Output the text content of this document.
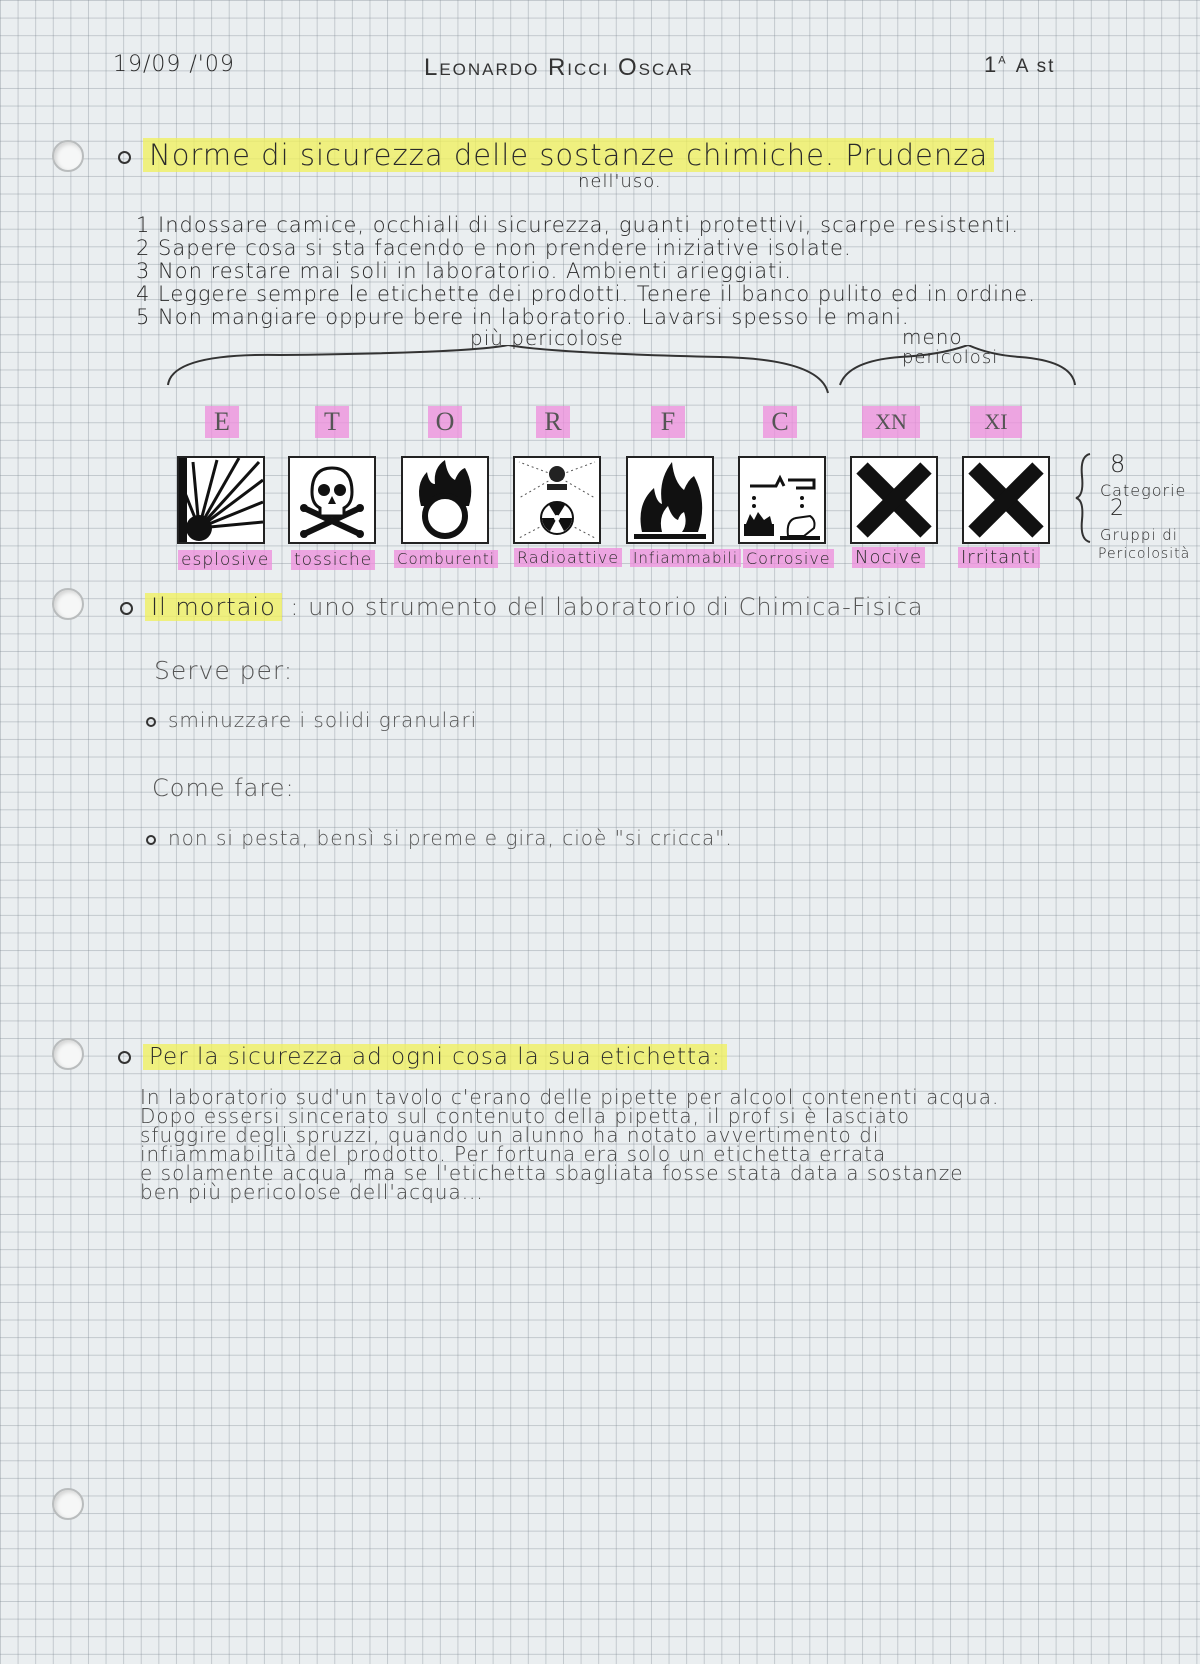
19/09 /'09	Leonardo Ricci Oscar	$1^A$ A st
Norme di sicurezza delle sostanze chimiche. Prudenza
nell'uso.
1 Indossare camice, occhiali di sicurezza, guanti protettivi, scarpe resistenti.
2 Sapere cosa si sta facendo e non prendere iniziative isolate.
3 Non restare mai soli in laboratorio. Ambienti arieggiati.
4 Leggere sempre le etichette dei prodotti. Tenere il banco pulito ed in ordine.
5 Non mangiare oppure bere in laboratorio. Lavarsi spesso le mani.
più pericolose	meno
pericolosi
E	T	O	R	F	C	XN	XI
esplosive tossiche Comburenti Radioattive Infiammabili Corrosive Nocive Irritanti
8
Categorie
2
Gruppi di
Pericolosità
Il mortaio : uno strumento del laboratorio di Chimica-Fisica
Serve per:
sminuzzare i solidi granulari
Come fare:
non si pesta, bensì si preme e gira, cioè "si cricca".
Per la sicurezza ad ogni cosa la sua etichetta:
In laboratorio sud'un tavolo c'erano delle pipette per alcool contenenti acqua.
Dopo essersi sincerato sul contenuto della pipetta, il prof si è lasciato
sfuggire degli spruzzi, quando un alunno ha notato avvertimento di
infiammabilità del prodotto. Per fortuna era solo un etichetta errata
e solamente acqua, ma se l'etichetta sbagliata fosse stata data a sostanze
ben più pericolose dell'acqua...
